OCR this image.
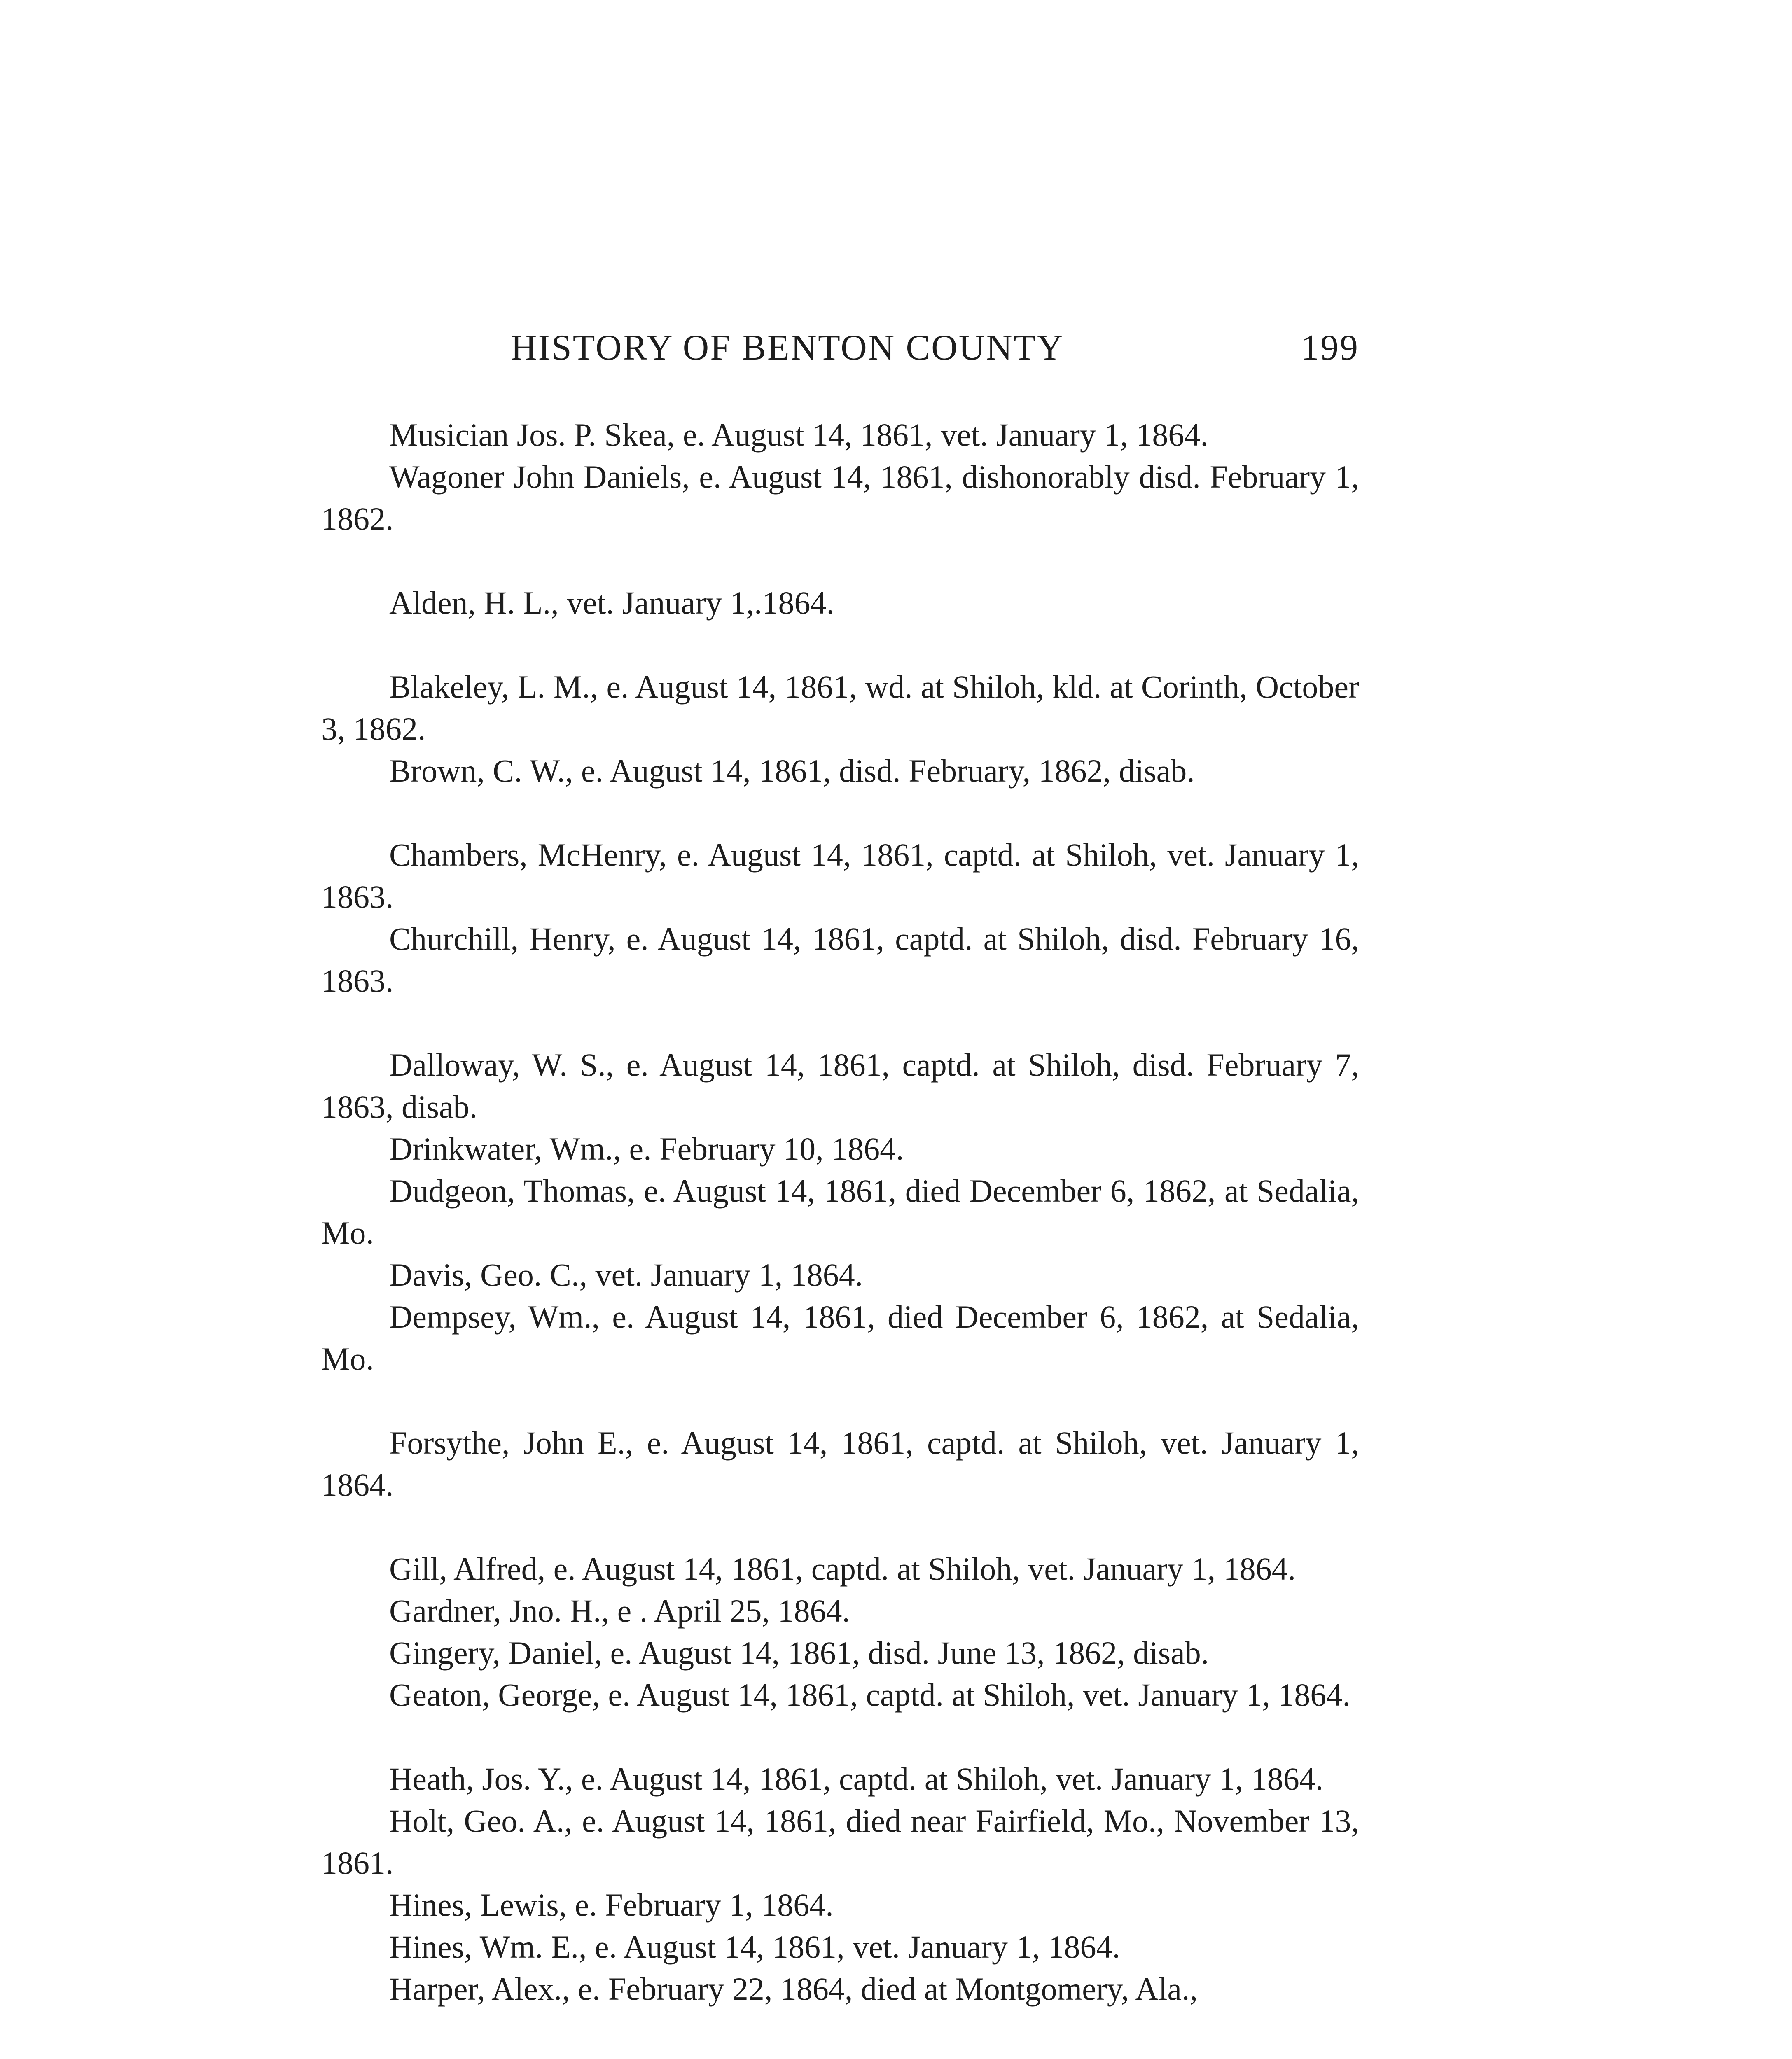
HISTORY OF BENTON COUNTY	199

Musician Jos. P. Skea, e. August 14, 1861, vet. January 1, 1864.

Wagoner John Daniels, e. August 14, 1861, dishonorably disd. February 1, 1862.

Alden, H. L., vet. January 1,.1864.

Blakeley, L. M., e. August 14, 1861, wd. at Shiloh, kld. at Corinth, October 3, 1862.

Brown, C. W., e. August 14, 1861, disd. February, 1862, disab.

Chambers, McHenry, e. August 14, 1861, captd. at Shiloh, vet. January 1, 1863.

Churchill, Henry, e. August 14, 1861, captd. at Shiloh, disd. February 16, 1863.

Dalloway, W. S., e. August 14, 1861, captd. at Shiloh, disd. February 7, 1863, disab.

Drinkwater, Wm., e. February 10, 1864.

Dudgeon, Thomas, e. August 14, 1861, died December 6, 1862, at Sedalia, Mo.

Davis, Geo. C., vet. January 1, 1864.

Dempsey, Wm., e. August 14, 1861, died December 6, 1862, at Sedalia, Mo.

Forsythe, John E., e. August 14, 1861, captd. at Shiloh, vet. January 1, 1864.

Gill, Alfred, e. August 14, 1861, captd. at Shiloh, vet. January 1, 1864.

Gardner, Jno. H., e . April 25, 1864.

Gingery, Daniel, e. August 14, 1861, disd. June 13, 1862, disab.

Geaton, George, e. August 14, 1861, captd. at Shiloh, vet. January 1, 1864.

Heath, Jos. Y., e. August 14, 1861, captd. at Shiloh, vet. January 1, 1864.

Holt, Geo. A., e. August 14, 1861, died near Fairfield, Mo., November 13, 1861.

Hines, Lewis, e. February 1, 1864.

Hines, Wm. E., e. August 14, 1861, vet. January 1, 1864.

Harper, Alex., e. February 22, 1864, died at Montgomery, Ala.,
